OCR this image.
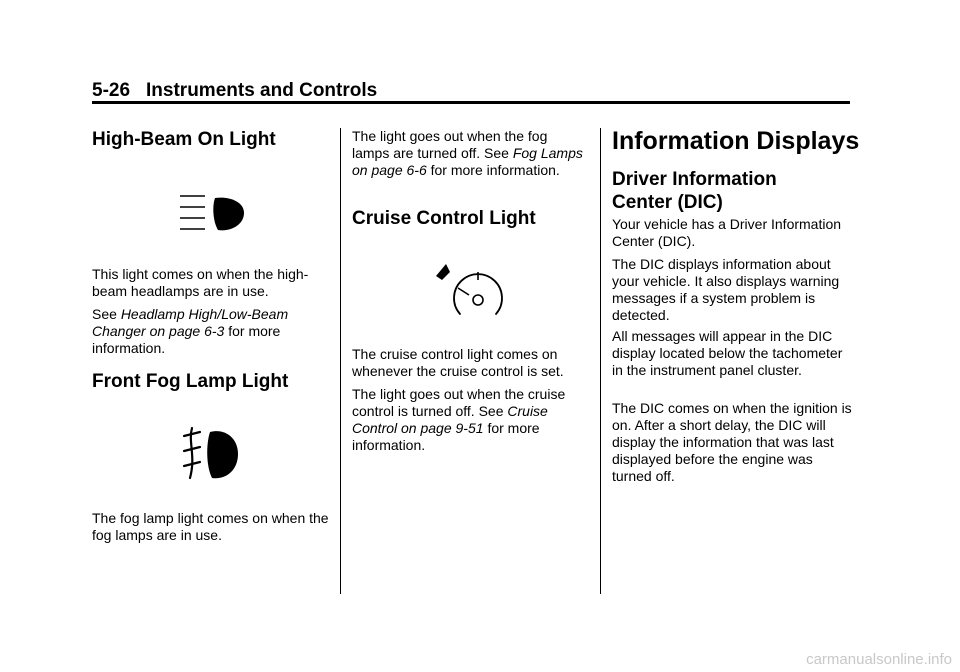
5-26 Instruments and Controls
High-Beam On Light

This light comes on when the high-beam headlamps are in use.

See Headlamp High/Low-Beam Changer on page 6-3 for more information.

Front Fog Lamp Light

The fog lamp light comes on when the fog lamps are in use.

The light goes out when the fog lamps are turned off. See Fog Lamps on page 6-6 for more information.

Cruise Control Light

The cruise control light comes on whenever the cruise control is set.

The light goes out when the cruise control is turned off. See Cruise Control on page 9-51 for more information.

Information Displays
Driver Information
Center (DIC)

Your vehicle has a Driver Information Center (DIC).

The DIC displays information about your vehicle. It also displays warning messages if a system problem is detected.

All messages will appear in the DIC display located below the tachometer in the instrument panel cluster.

The DIC comes on when the ignition is on. After a short delay, the DIC will display the information that was last displayed before the engine was turned off.

carmanualsonline.info
